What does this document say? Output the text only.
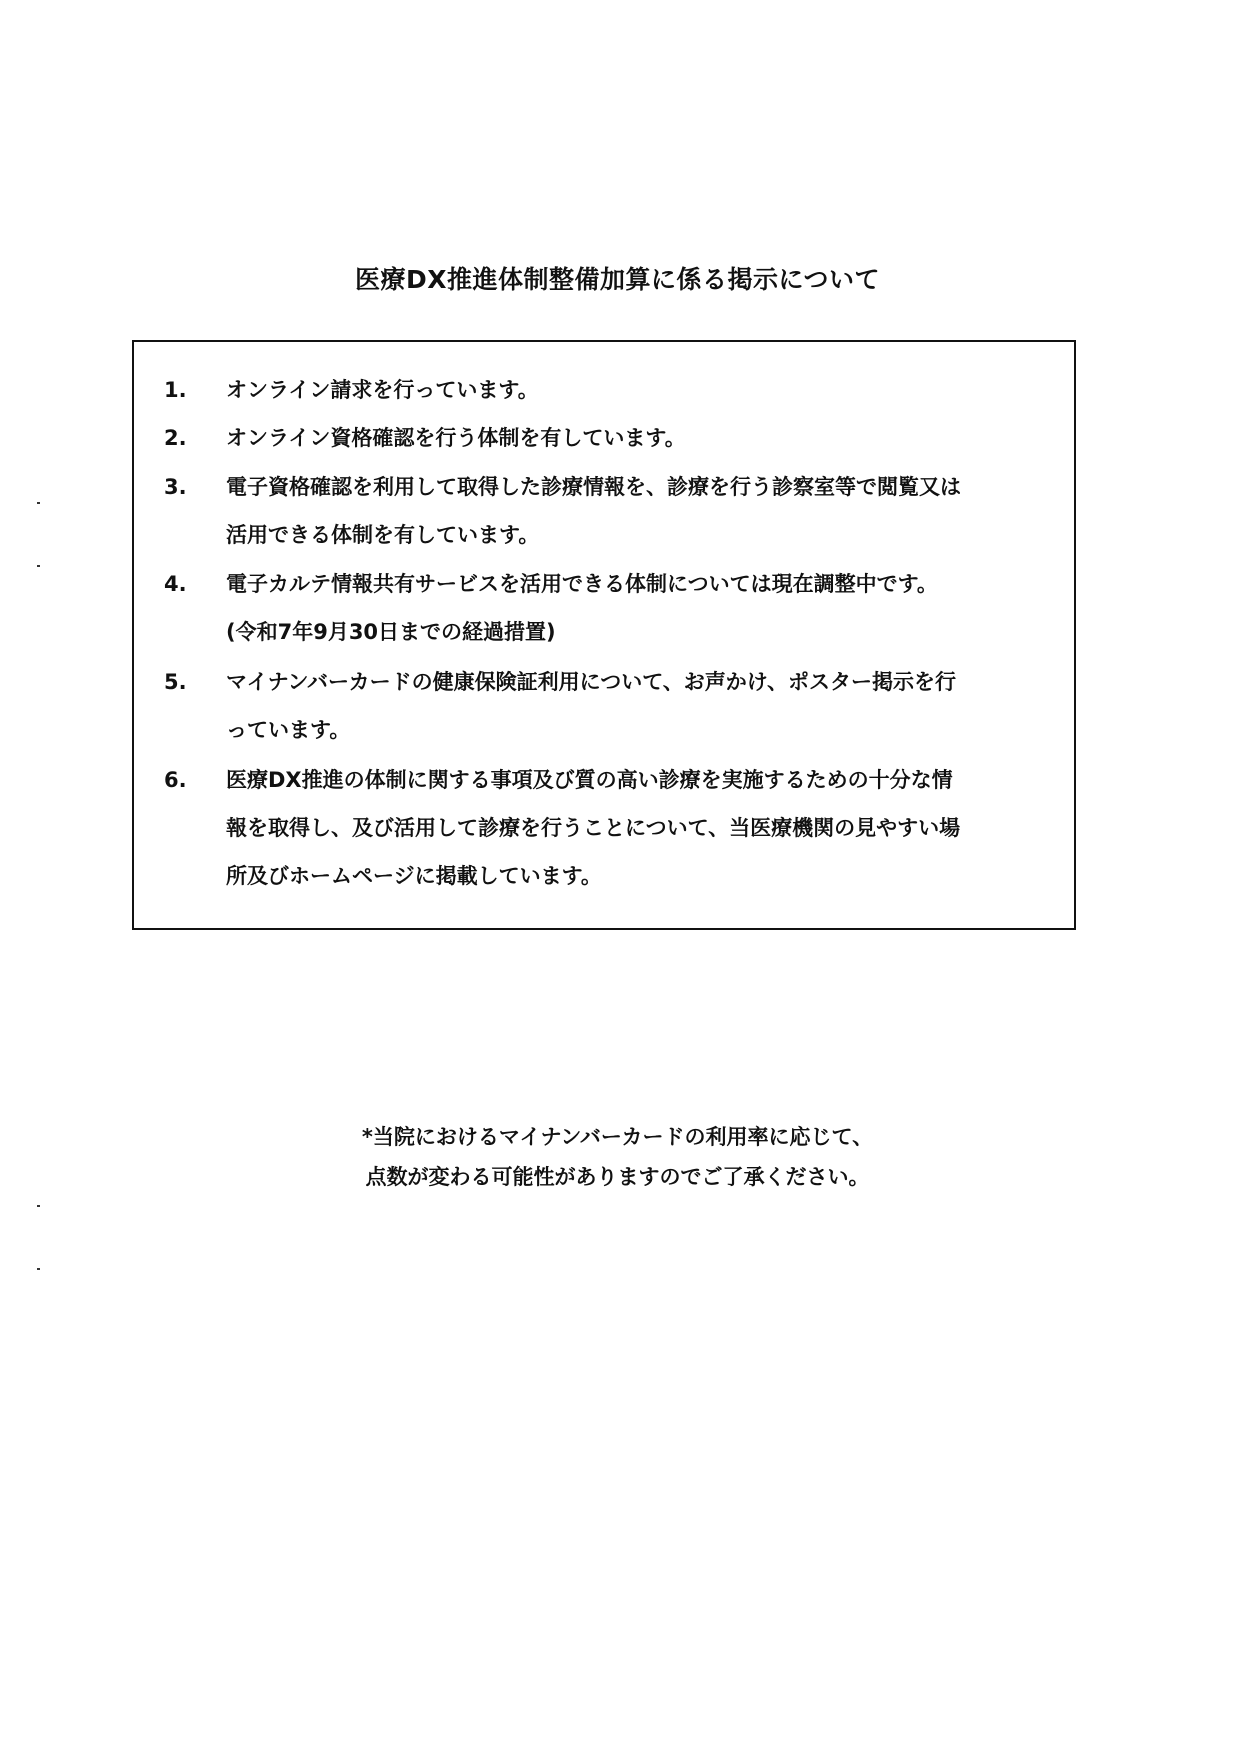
医療DX推進体制整備加算に係る掲示について
1.	オンライン請求を行っています。
2.	オンライン資格確認を行う体制を有しています。
3.	電子資格確認を利用して取得した診療情報を、診療を行う診察室等で閲覧又は
活用できる体制を有しています。
4.	電子カルテ情報共有サービスを活用できる体制については現在調整中です。
(令和7年9月30日までの経過措置)
5.	マイナンバーカードの健康保険証利用について、お声かけ、ポスター掲示を行
っています。
6.	医療DX推進の体制に関する事項及び質の高い診療を実施するための十分な情
報を取得し、及び活用して診療を行うことについて、当医療機関の見やすい場
所及びホームページに掲載しています。
*当院におけるマイナンバーカードの利用率に応じて、
点数が変わる可能性がありますのでご了承ください。
